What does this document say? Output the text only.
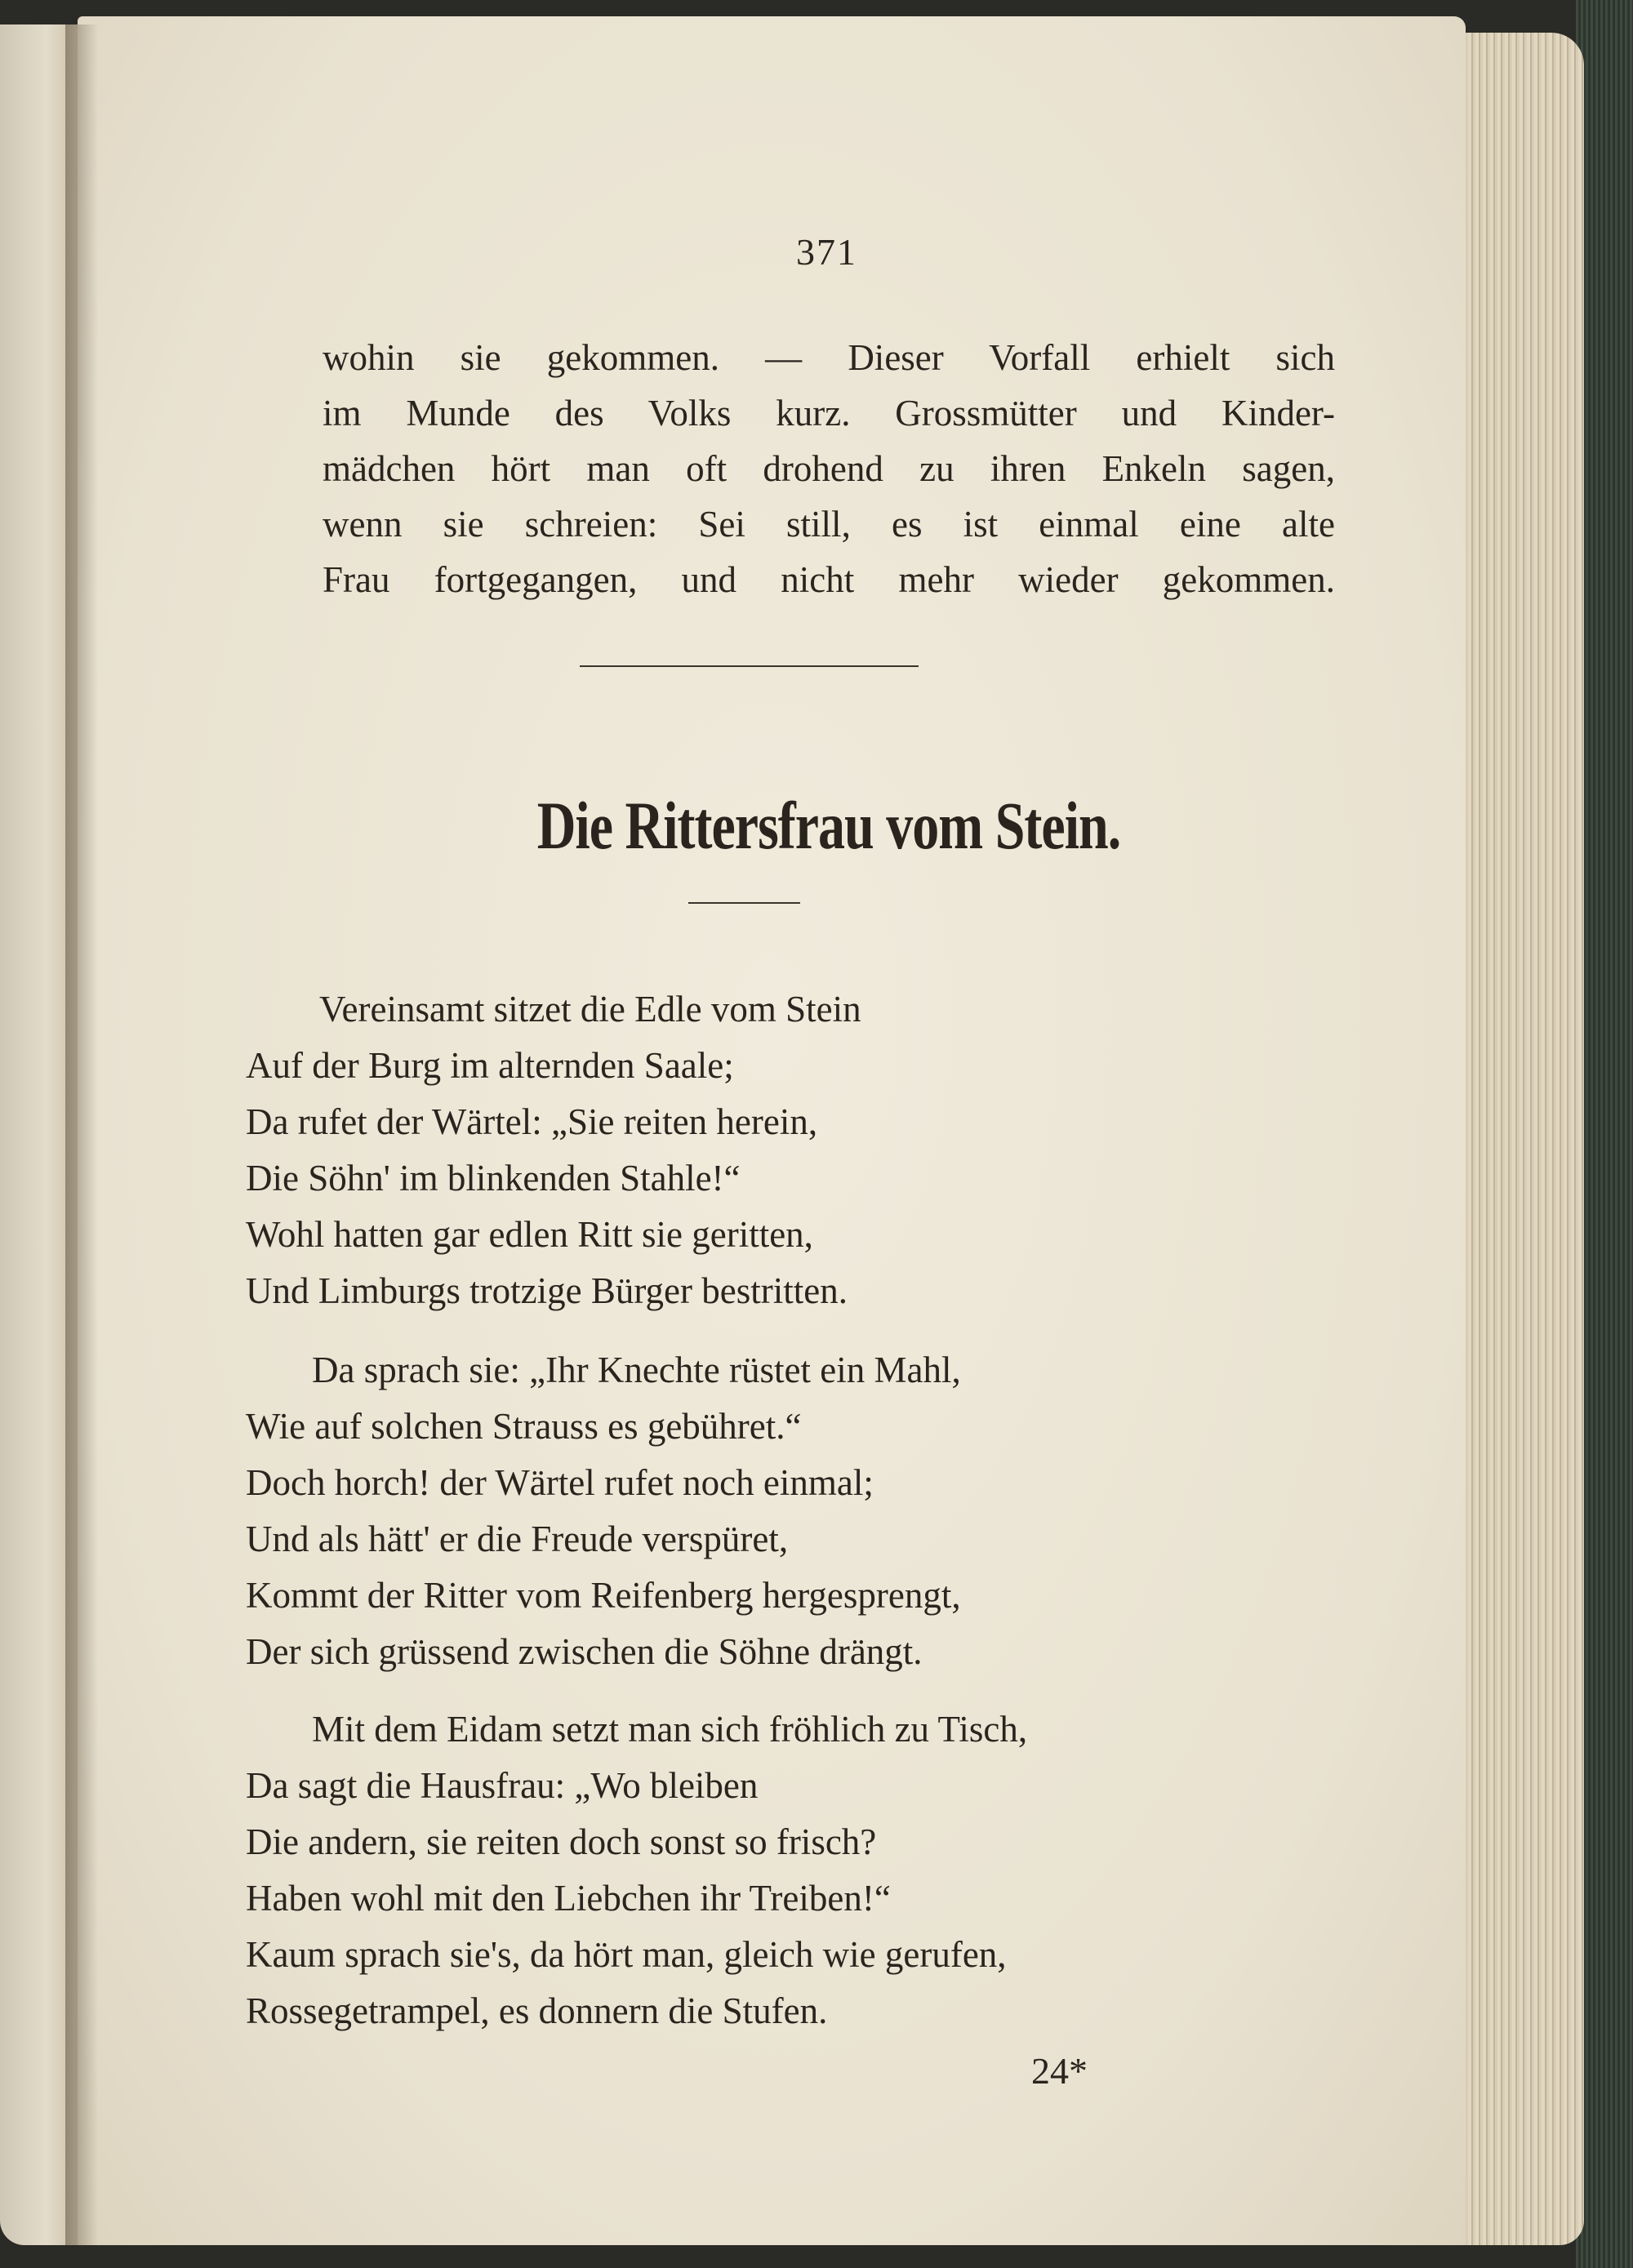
371
wohin sie gekommen. — Dieser Vorfall erhielt sich
im Munde des Volks kurz. Grossmütter und Kinder-
mädchen hört man oft drohend zu ihren Enkeln sagen,
wenn sie schreien: Sei still, es ist einmal eine alte
Frau fortgegangen, und nicht mehr wieder gekommen.
Die Rittersfrau vom Stein.
Vereinsamt sitzet die Edle vom Stein
Auf der Burg im alternden Saale;
Da rufet der Wärtel: „Sie reiten herein,
Die Söhn' im blinkenden Stahle!“
Wohl hatten gar edlen Ritt sie geritten,
Und Limburgs trotzige Bürger bestritten.
Da sprach sie: „Ihr Knechte rüstet ein Mahl,
Wie auf solchen Strauss es gebühret.“
Doch horch! der Wärtel rufet noch einmal;
Und als hätt' er die Freude verspüret,
Kommt der Ritter vom Reifenberg hergesprengt,
Der sich grüssend zwischen die Söhne drängt.
Mit dem Eidam setzt man sich fröhlich zu Tisch,
Da sagt die Hausfrau: „Wo bleiben
Die andern, sie reiten doch sonst so frisch?
Haben wohl mit den Liebchen ihr Treiben!“
Kaum sprach sie's, da hört man, gleich wie gerufen,
Rossegetrampel, es donnern die Stufen.
24*
